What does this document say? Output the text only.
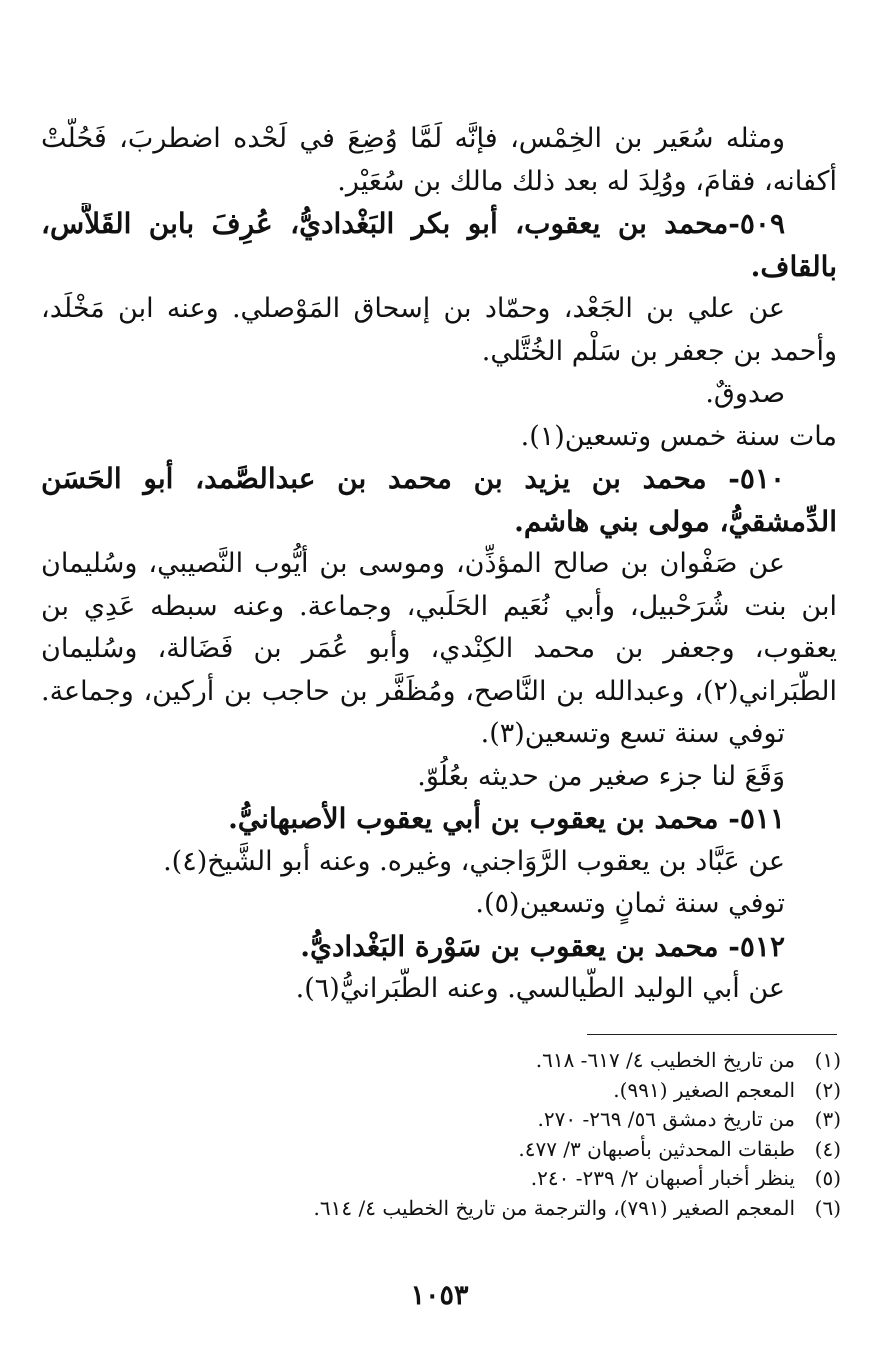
ومثله سُعَير بن الخِمْس، فإنَّه لَمَّا وُضِعَ في لَحْده اضطربَ، فَحُلَّتْ
أكفانه، فقامَ، ووُلِدَ له بعد ذلك مالك بن سُعَيْر.
٥٠٩-محمد بن يعقوب، أبو بكر البَغْداديُّ، عُرِفَ بابن القَلاَّس،
بالقاف.
عن علي بن الجَعْد، وحمّاد بن إسحاق المَوْصلي. وعنه ابن مَخْلَد،
وأحمد بن جعفر بن سَلْم الخُتَّلي.
صدوقٌ.
مات سنة خمس وتسعين(١).
٥١٠- محمد بن يزيد بن محمد بن عبدالصَّمد، أبو الحَسَن
الدِّمشقيُّ، مولى بني هاشم.
عن صَفْوان بن صالح المؤذِّن، وموسى بن أيُّوب النَّصيبي، وسُليمان
ابن بنت شُرَحْبيل، وأبي نُعَيم الحَلَبي، وجماعة. وعنه سبطه عَدِي بن
يعقوب، وجعفر بن محمد الكِنْدي، وأبو عُمَر بن فَضَالة، وسُليمان
الطَّبَراني(٢)، وعبدالله بن النَّاصح، ومُظَفَّر بن حاجب بن أركين، وجماعة.
توفي سنة تسع وتسعين(٣).
وَقَعَ لنا جزء صغير من حديثه بعُلُوّ.
٥١١- محمد بن يعقوب بن أبي يعقوب الأصبهانيُّ.
عن عَبَّاد بن يعقوب الرَّوَاجني، وغيره. وعنه أبو الشَّيخ(٤).
توفي سنة ثمانٍ وتسعين(٥).
٥١٢- محمد بن يعقوب بن سَوْرة البَغْداديُّ.
عن أبي الوليد الطَّيالسي. وعنه الطَّبَرانيُّ(٦).
(١)من تاريخ الخطيب ٤/ ٦١٧- ٦١٨.
(٢)المعجم الصغير (٩٩١).
(٣)من تاريخ دمشق ٥٦/ ٢٦٩- ٢٧٠.
(٤)طبقات المحدثين بأصبهان ٣/ ٤٧٧.
(٥)ينظر أخبار أصبهان ٢/ ٢٣٩- ٢٤٠.
(٦)المعجم الصغير (٧٩١)، والترجمة من تاريخ الخطيب ٤/ ٦١٤.
١٠٥٣
